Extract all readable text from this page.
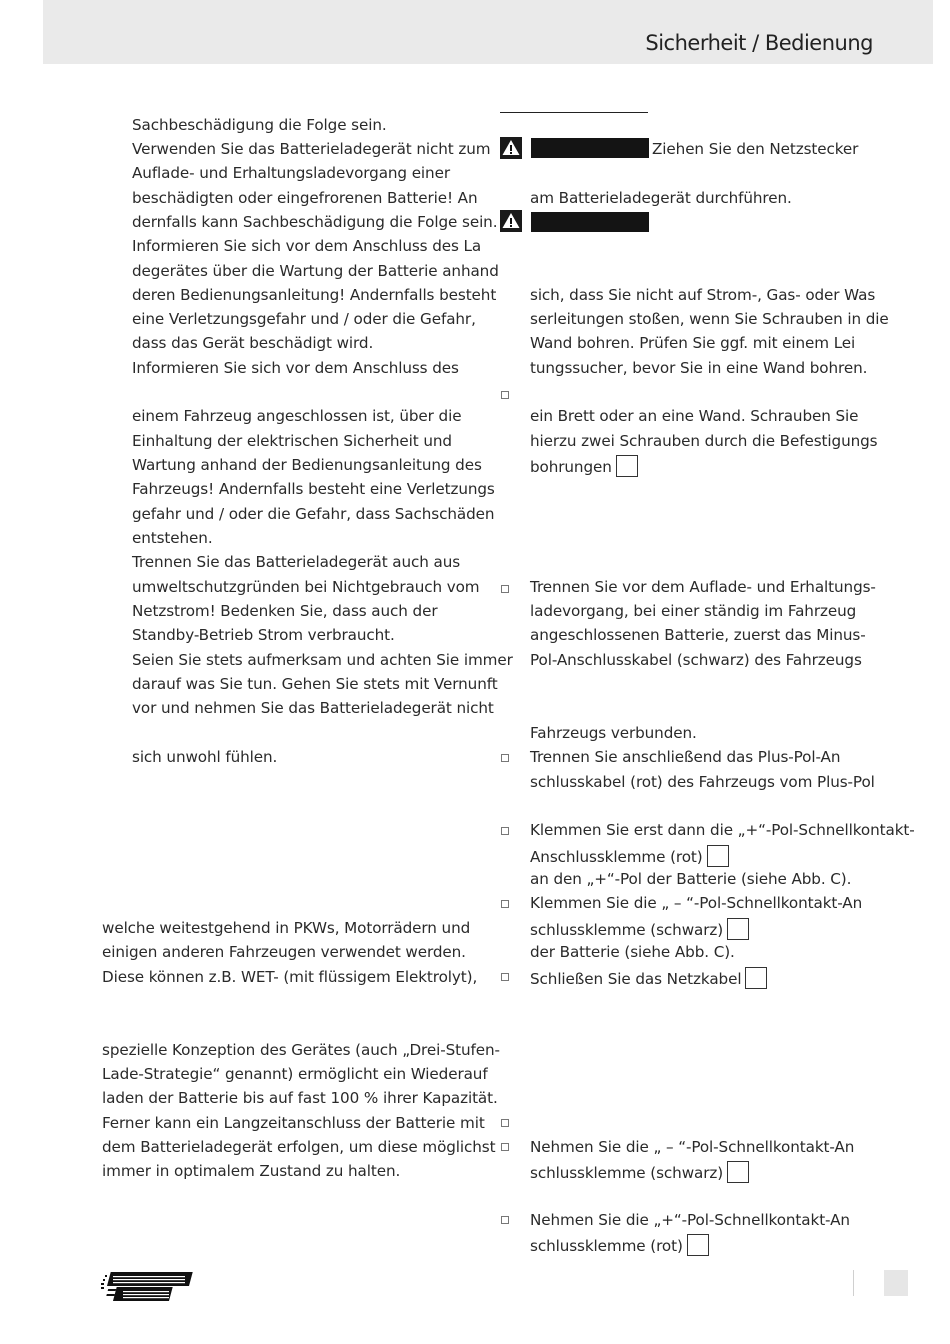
Sicherheit / Bedienung
Sachbeschädigung die Folge sein.
Verwenden Sie das Batterieladegerät nicht zum
Auflade- und Erhaltungsladevorgang einer
beschädigten oder eingefrorenen Batterie! An
dernfalls kann Sachbeschädigung die Folge sein.
Informieren Sie sich vor dem Anschluss des La
degerätes über die Wartung der Batterie anhand
deren Bedienungsanleitung! Andernfalls besteht
eine Verletzungsgefahr und / oder die Gefahr,
dass das Gerät beschädigt wird.
Informieren Sie sich vor dem Anschluss des
einem Fahrzeug angeschlossen ist, über die
Einhaltung der elektrischen Sicherheit und
Wartung anhand der Bedienungsanleitung des
Fahrzeugs! Andernfalls besteht eine Verletzungs
gefahr und / oder die Gefahr, dass Sachschäden
entstehen.
Trennen Sie das Batterieladegerät auch aus
umweltschutzgründen bei Nichtgebrauch vom
Netzstrom! Bedenken Sie, dass auch der
Standby-Betrieb Strom verbraucht.
Seien Sie stets aufmerksam und achten Sie immer
darauf was Sie tun. Gehen Sie stets mit Vernunft
vor und nehmen Sie das Batterieladegerät nicht
sich unwohl fühlen.
welche weitestgehend in PKWs, Motorrädern und
einigen anderen Fahrzeugen verwendet werden.
Diese können z.B. WET- (mit flüssigem Elektrolyt),
spezielle Konzeption des Gerätes (auch „Drei-Stufen-
Lade-Strategie“ genannt) ermöglicht ein Wiederauf
laden der Batterie bis auf fast 100 % ihrer Kapazität.
Ferner kann ein Langzeitanschluss der Batterie mit
dem Batterieladegerät erfolgen, um diese möglichst
immer in optimalem Zustand zu halten.
Ziehen Sie den Netzstecker
am Batterieladegerät durchführen.
sich, dass Sie nicht auf Strom-, Gas- oder Was
serleitungen stoßen, wenn Sie Schrauben in die
Wand bohren. Prüfen Sie ggf. mit einem Lei
tungssucher, bevor Sie in eine Wand bohren.
ein Brett oder an eine Wand. Schrauben Sie
hierzu zwei Schrauben durch die Befestigungs
bohrungen
Trennen Sie vor dem Auflade- und Erhaltungs-
ladevorgang, bei einer ständig im Fahrzeug
angeschlossenen Batterie, zuerst das Minus-
Pol-Anschlusskabel (schwarz) des Fahrzeugs
Fahrzeugs verbunden.
Trennen Sie anschließend das Plus-Pol-An
schlusskabel (rot) des Fahrzeugs vom Plus-Pol
Klemmen Sie erst dann die „+“-Pol-Schnellkontakt-
Anschlussklemme (rot)
an den „+“-Pol der Batterie (siehe Abb. C).
Klemmen Sie die „ – “-Pol-Schnellkontakt-An
schlussklemme (schwarz)
der Batterie (siehe Abb. C).
Schließen Sie das Netzkabel
Nehmen Sie die „ – “-Pol-Schnellkontakt-An
schlussklemme (schwarz)
Nehmen Sie die „+“-Pol-Schnellkontakt-An
schlussklemme (rot)
